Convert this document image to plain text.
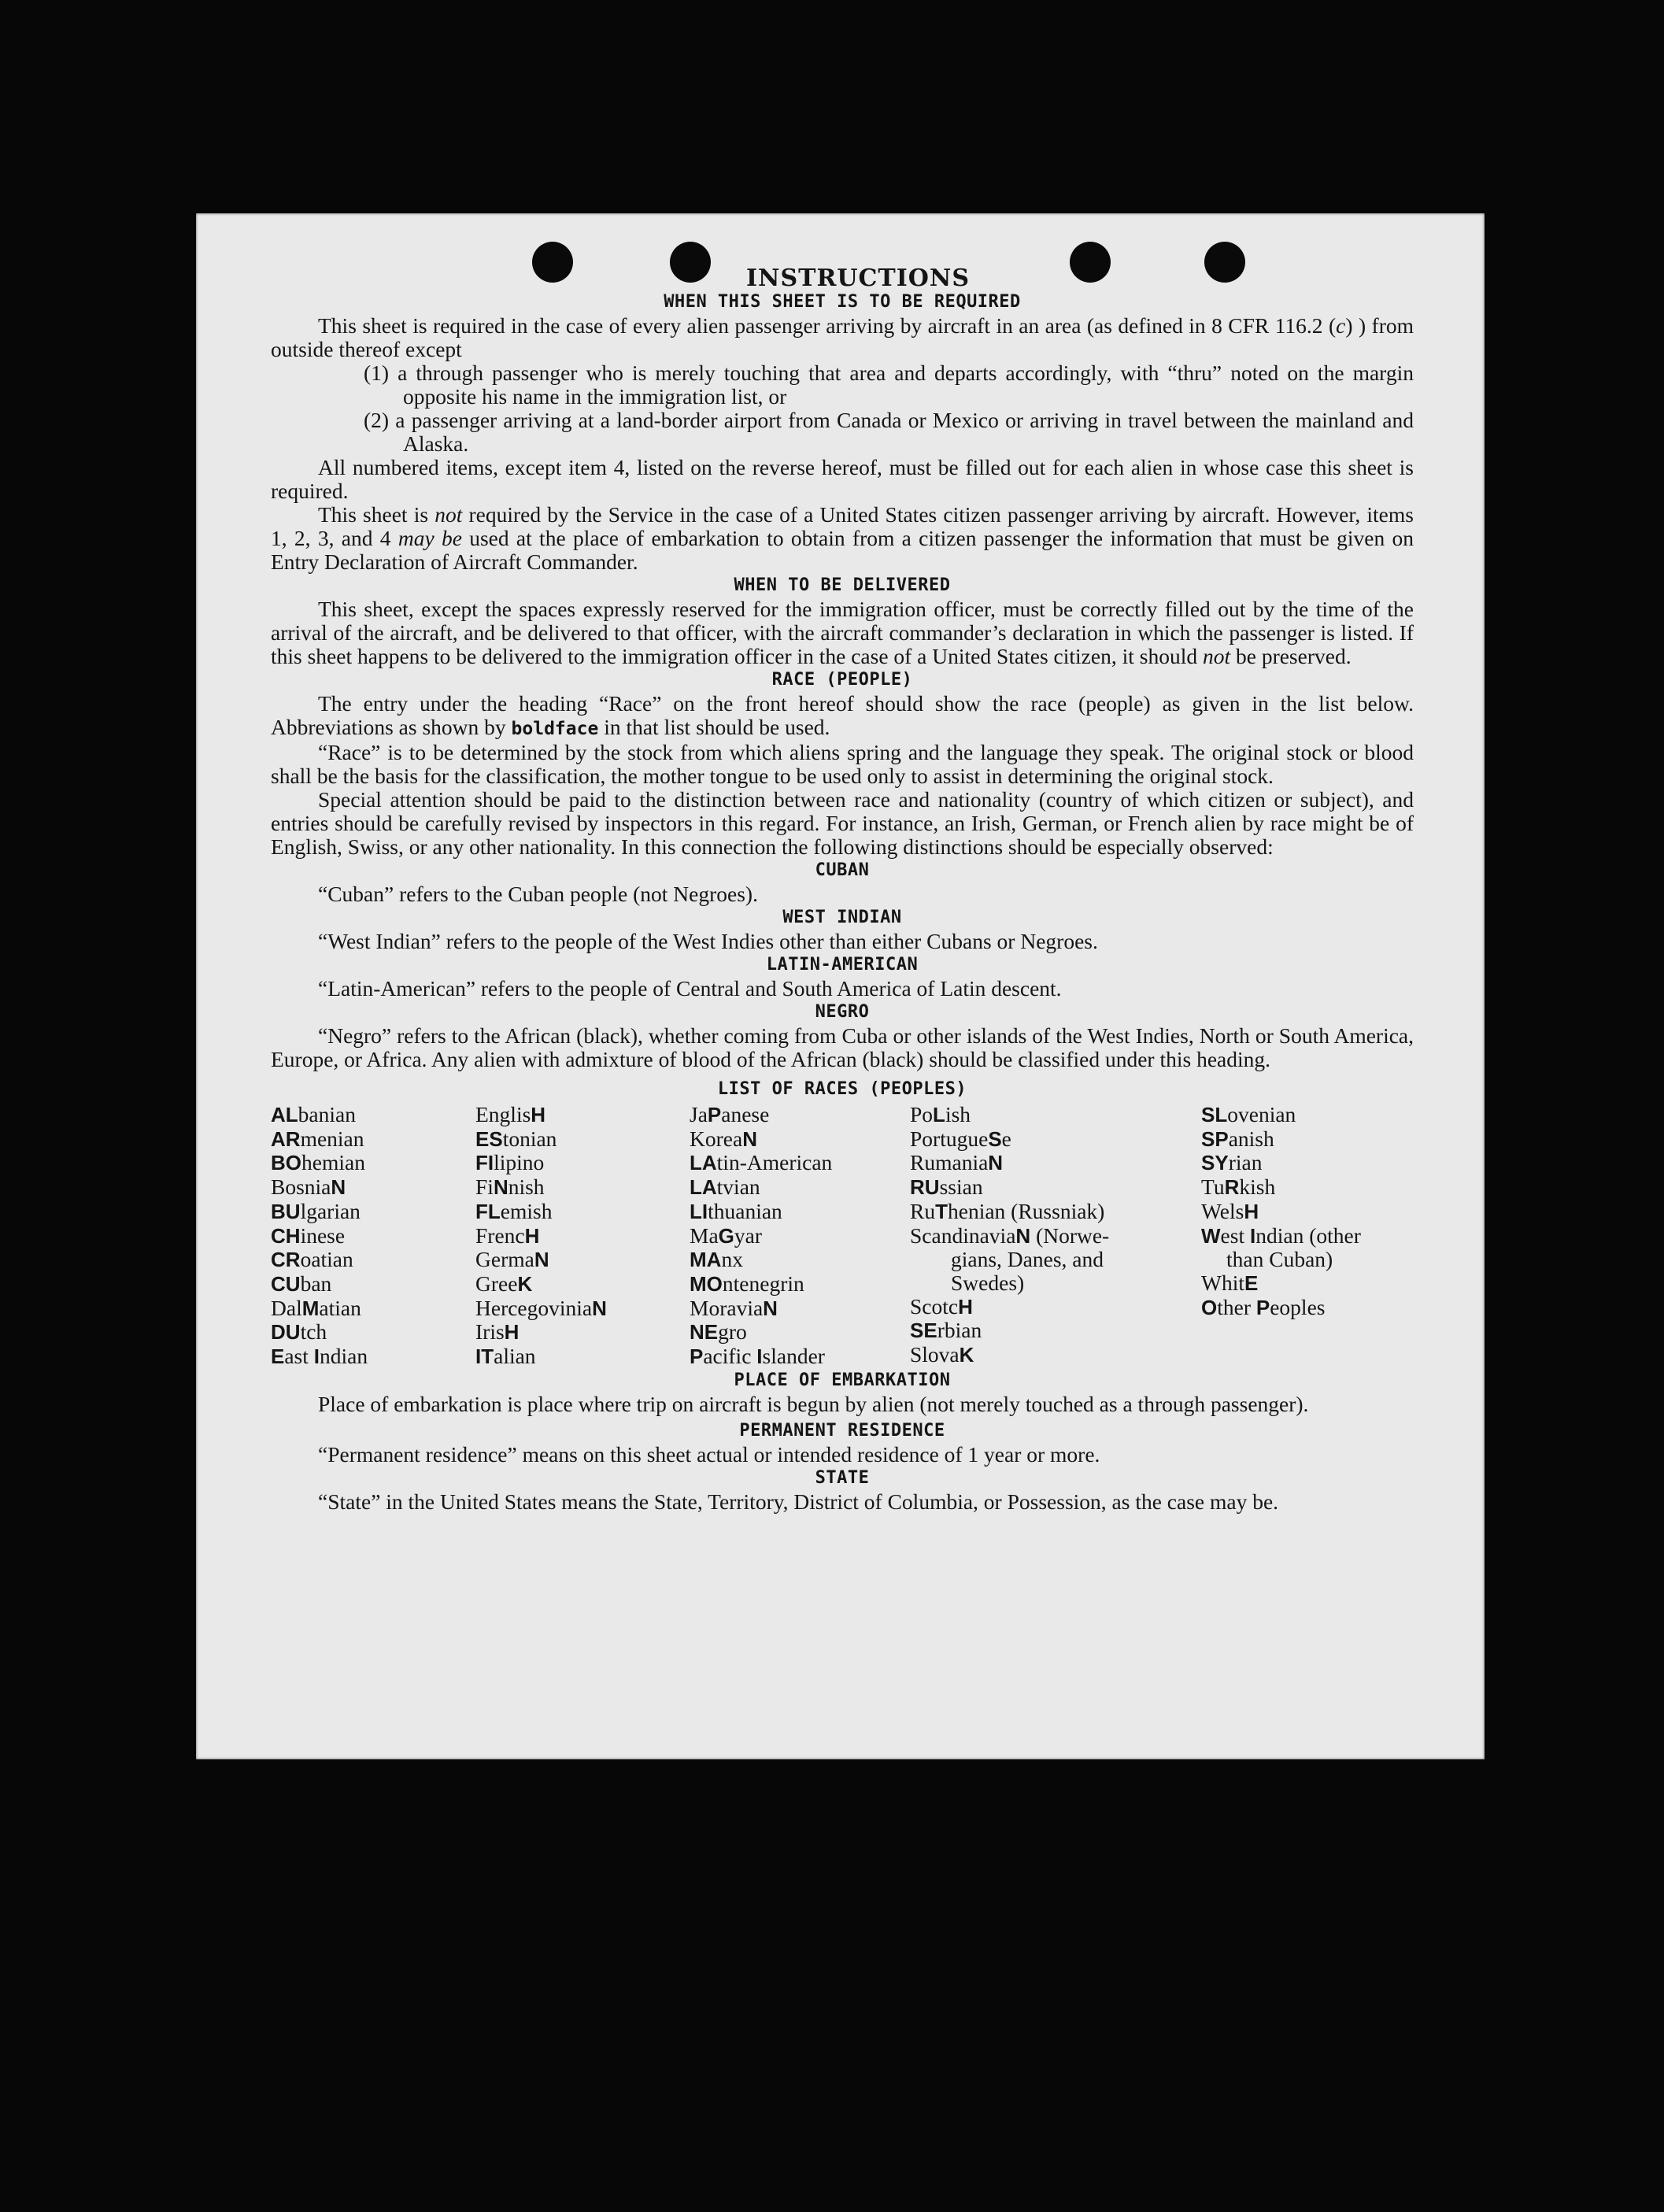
INSTRUCTIONS
WHEN THIS SHEET IS TO BE REQUIRED
This sheet is required in the case of every alien passenger arriving by aircraft in an area (as defined in 8 CFR 116.2 (c) ) from outside thereof except
(1) a through passenger who is merely touching that area and departs accordingly, with “thru” noted on the margin opposite his name in the immigration list, or
(2) a passenger arriving at a land-border airport from Canada or Mexico or arriving in travel between the mainland and Alaska.
All numbered items, except item 4, listed on the reverse hereof, must be filled out for each alien in whose case this sheet is required.
This sheet is not required by the Service in the case of a United States citizen passenger arriving by aircraft. However, items 1, 2, 3, and 4 may be used at the place of embarkation to obtain from a citizen passenger the information that must be given on Entry Declaration of Aircraft Commander.
WHEN TO BE DELIVERED
This sheet, except the spaces expressly reserved for the immigration officer, must be correctly filled out by the time of the arrival of the aircraft, and be delivered to that officer, with the aircraft commander’s declaration in which the passenger is listed. If this sheet happens to be delivered to the immigration officer in the case of a United States citizen, it should not be preserved.
RACE (PEOPLE)
The entry under the heading “Race” on the front hereof should show the race (people) as given in the list below. Abbreviations as shown by boldface in that list should be used.
“Race” is to be determined by the stock from which aliens spring and the language they speak. The original stock or blood shall be the basis for the classification, the mother tongue to be used only to assist in determining the original stock.
Special attention should be paid to the distinction between race and nationality (country of which citizen or subject), and entries should be carefully revised by inspectors in this regard. For instance, an Irish, German, or French alien by race might be of English, Swiss, or any other nationality. In this connection the following distinctions should be especially observed:
CUBAN
“Cuban” refers to the Cuban people (not Negroes).
WEST INDIAN
“West Indian” refers to the people of the West Indies other than either Cubans or Negroes.
LATIN-AMERICAN
“Latin-American” refers to the people of Central and South America of Latin descent.
NEGRO
“Negro” refers to the African (black), whether coming from Cuba or other islands of the West Indies, North or South America, Europe, or Africa. Any alien with admixture of blood of the African (black) should be classified under this heading.
LIST OF RACES (PEOPLES)
ALbanian
ARmenian
BOhemian
BosniaN
BUlgarian
CHinese
CRoatian
CUban
DalMatian
DUtch
East Indian
EnglisH
EStonian
FIlipino
FiNnish
FLemish
FrencH
GermaN
GreeK
HercegoviniaN
IrisH
ITalian
JaPanese
KoreaN
LAtin-American
LAtvian
LIthuanian
MaGyar
MAnx
MOntenegrin
MoraviaN
NEgro
Pacific Islander
PoLish
PortugueSe
RumaniaN
RUssian
RuThenian (Russniak)
ScandinaviaN (Norwe-
gians, Danes, and
Swedes)
ScotcH
SErbian
SlovaK
SLovenian
SPanish
SYrian
TuRkish
WelsH
West Indian (other
than Cuban)
WhitE
Other Peoples
PLACE OF EMBARKATION
Place of embarkation is place where trip on aircraft is begun by alien (not merely touched as a through passenger).
PERMANENT RESIDENCE
“Permanent residence” means on this sheet actual or intended residence of 1 year or more.
STATE
“State” in the United States means the State, Territory, District of Columbia, or Possession, as the case may be.
